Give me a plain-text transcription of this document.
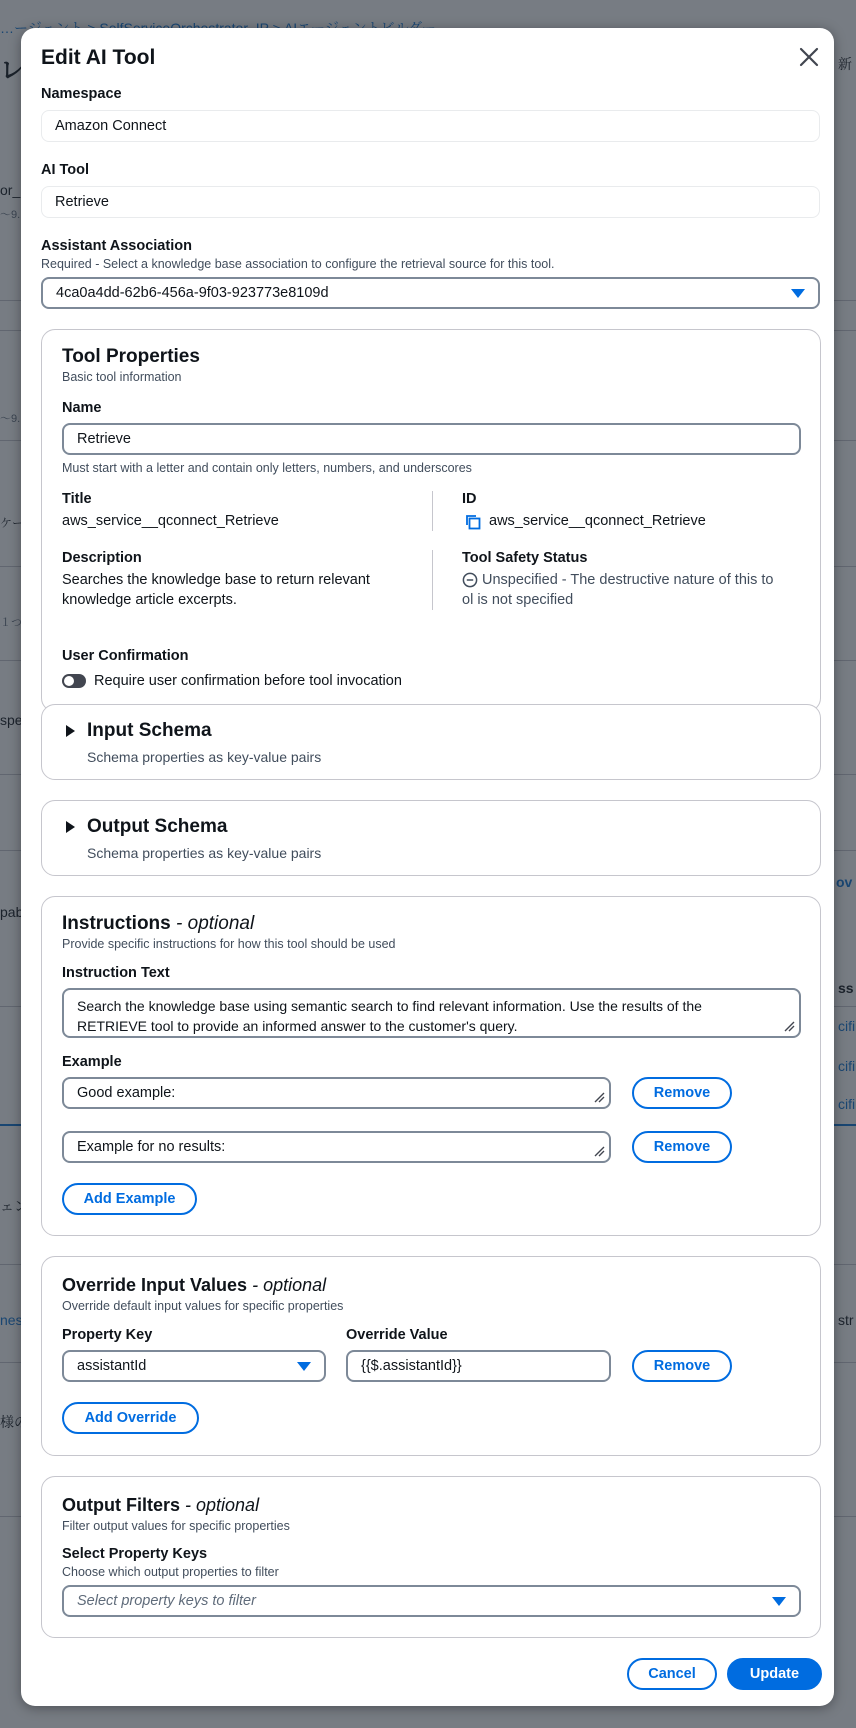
Edit AI Tool
Namespace
Amazon Connect
AI Tool
Retrieve
Assistant Association
Required - Select a knowledge base association to configure the retrieval source for this tool.
4ca0a4dd-62b6-456a-9f03-923773e8109d
Tool Properties
Basic tool information
Name
Retrieve
Must start with a letter and contain only letters, numbers, and underscores
Title
aws_service__qconnect_Retrieve
ID
aws_service__qconnect_Retrieve
Description
Searches the knowledge base to return relevant
knowledge article excerpts.
Tool Safety Status
Unspecified - The destructive nature of this to
ol is not specified
User Confirmation
Require user confirmation before tool invocation
Input Schema
Schema properties as key-value pairs
Output Schema
Schema properties as key-value pairs
Instructions - optional
Provide specific instructions for how this tool should be used
Instruction Text
Search the knowledge base using semantic search to find relevant information. Use the results of the
RETRIEVE tool to provide an informed answer to the customer's query.
Example
Good example:	Remove
Example for no results:	Remove
Add Example
Override Input Values - optional
Override default input values for specific properties
Property Key
assistantId
Override Value
{{$.assistantId}}	Remove
Add Override
Output Filters - optional
Filter output values for specific properties
Select Property Keys
Choose which output properties to filter
Select property keys to filter
Cancel	Update
